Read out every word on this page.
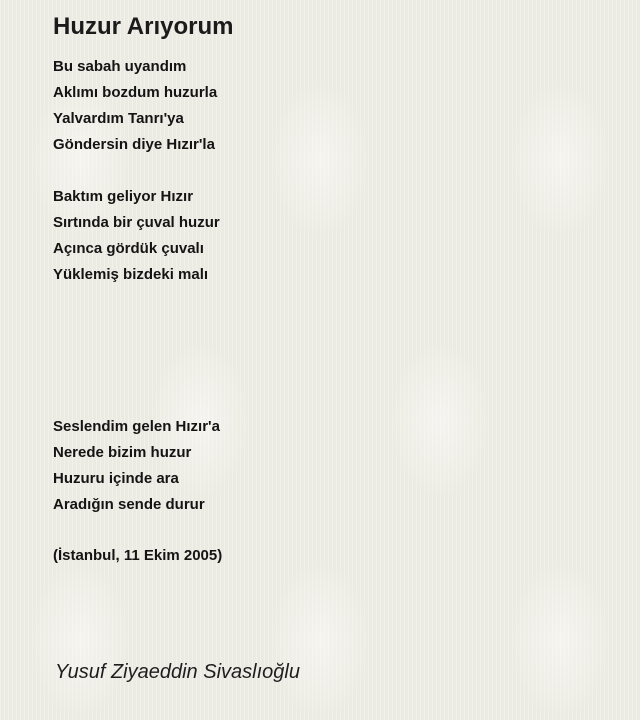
Huzur Arıyorum
Bu sabah uyandım
Aklımı bozdum huzurla
Yalvardım Tanrı'ya
Göndersin diye Hızır'la
Baktım geliyor Hızır
Sırtında bir çuval huzur
Açınca gördük çuvalı
Yüklemiş bizdeki malı
Seslendim gelen Hızır'a
Nerede bizim huzur
Huzuru içinde ara
Aradığın sende durur
(İstanbul, 11 Ekim 2005)
Yusuf Ziyaeddin Sivaslıoğlu
